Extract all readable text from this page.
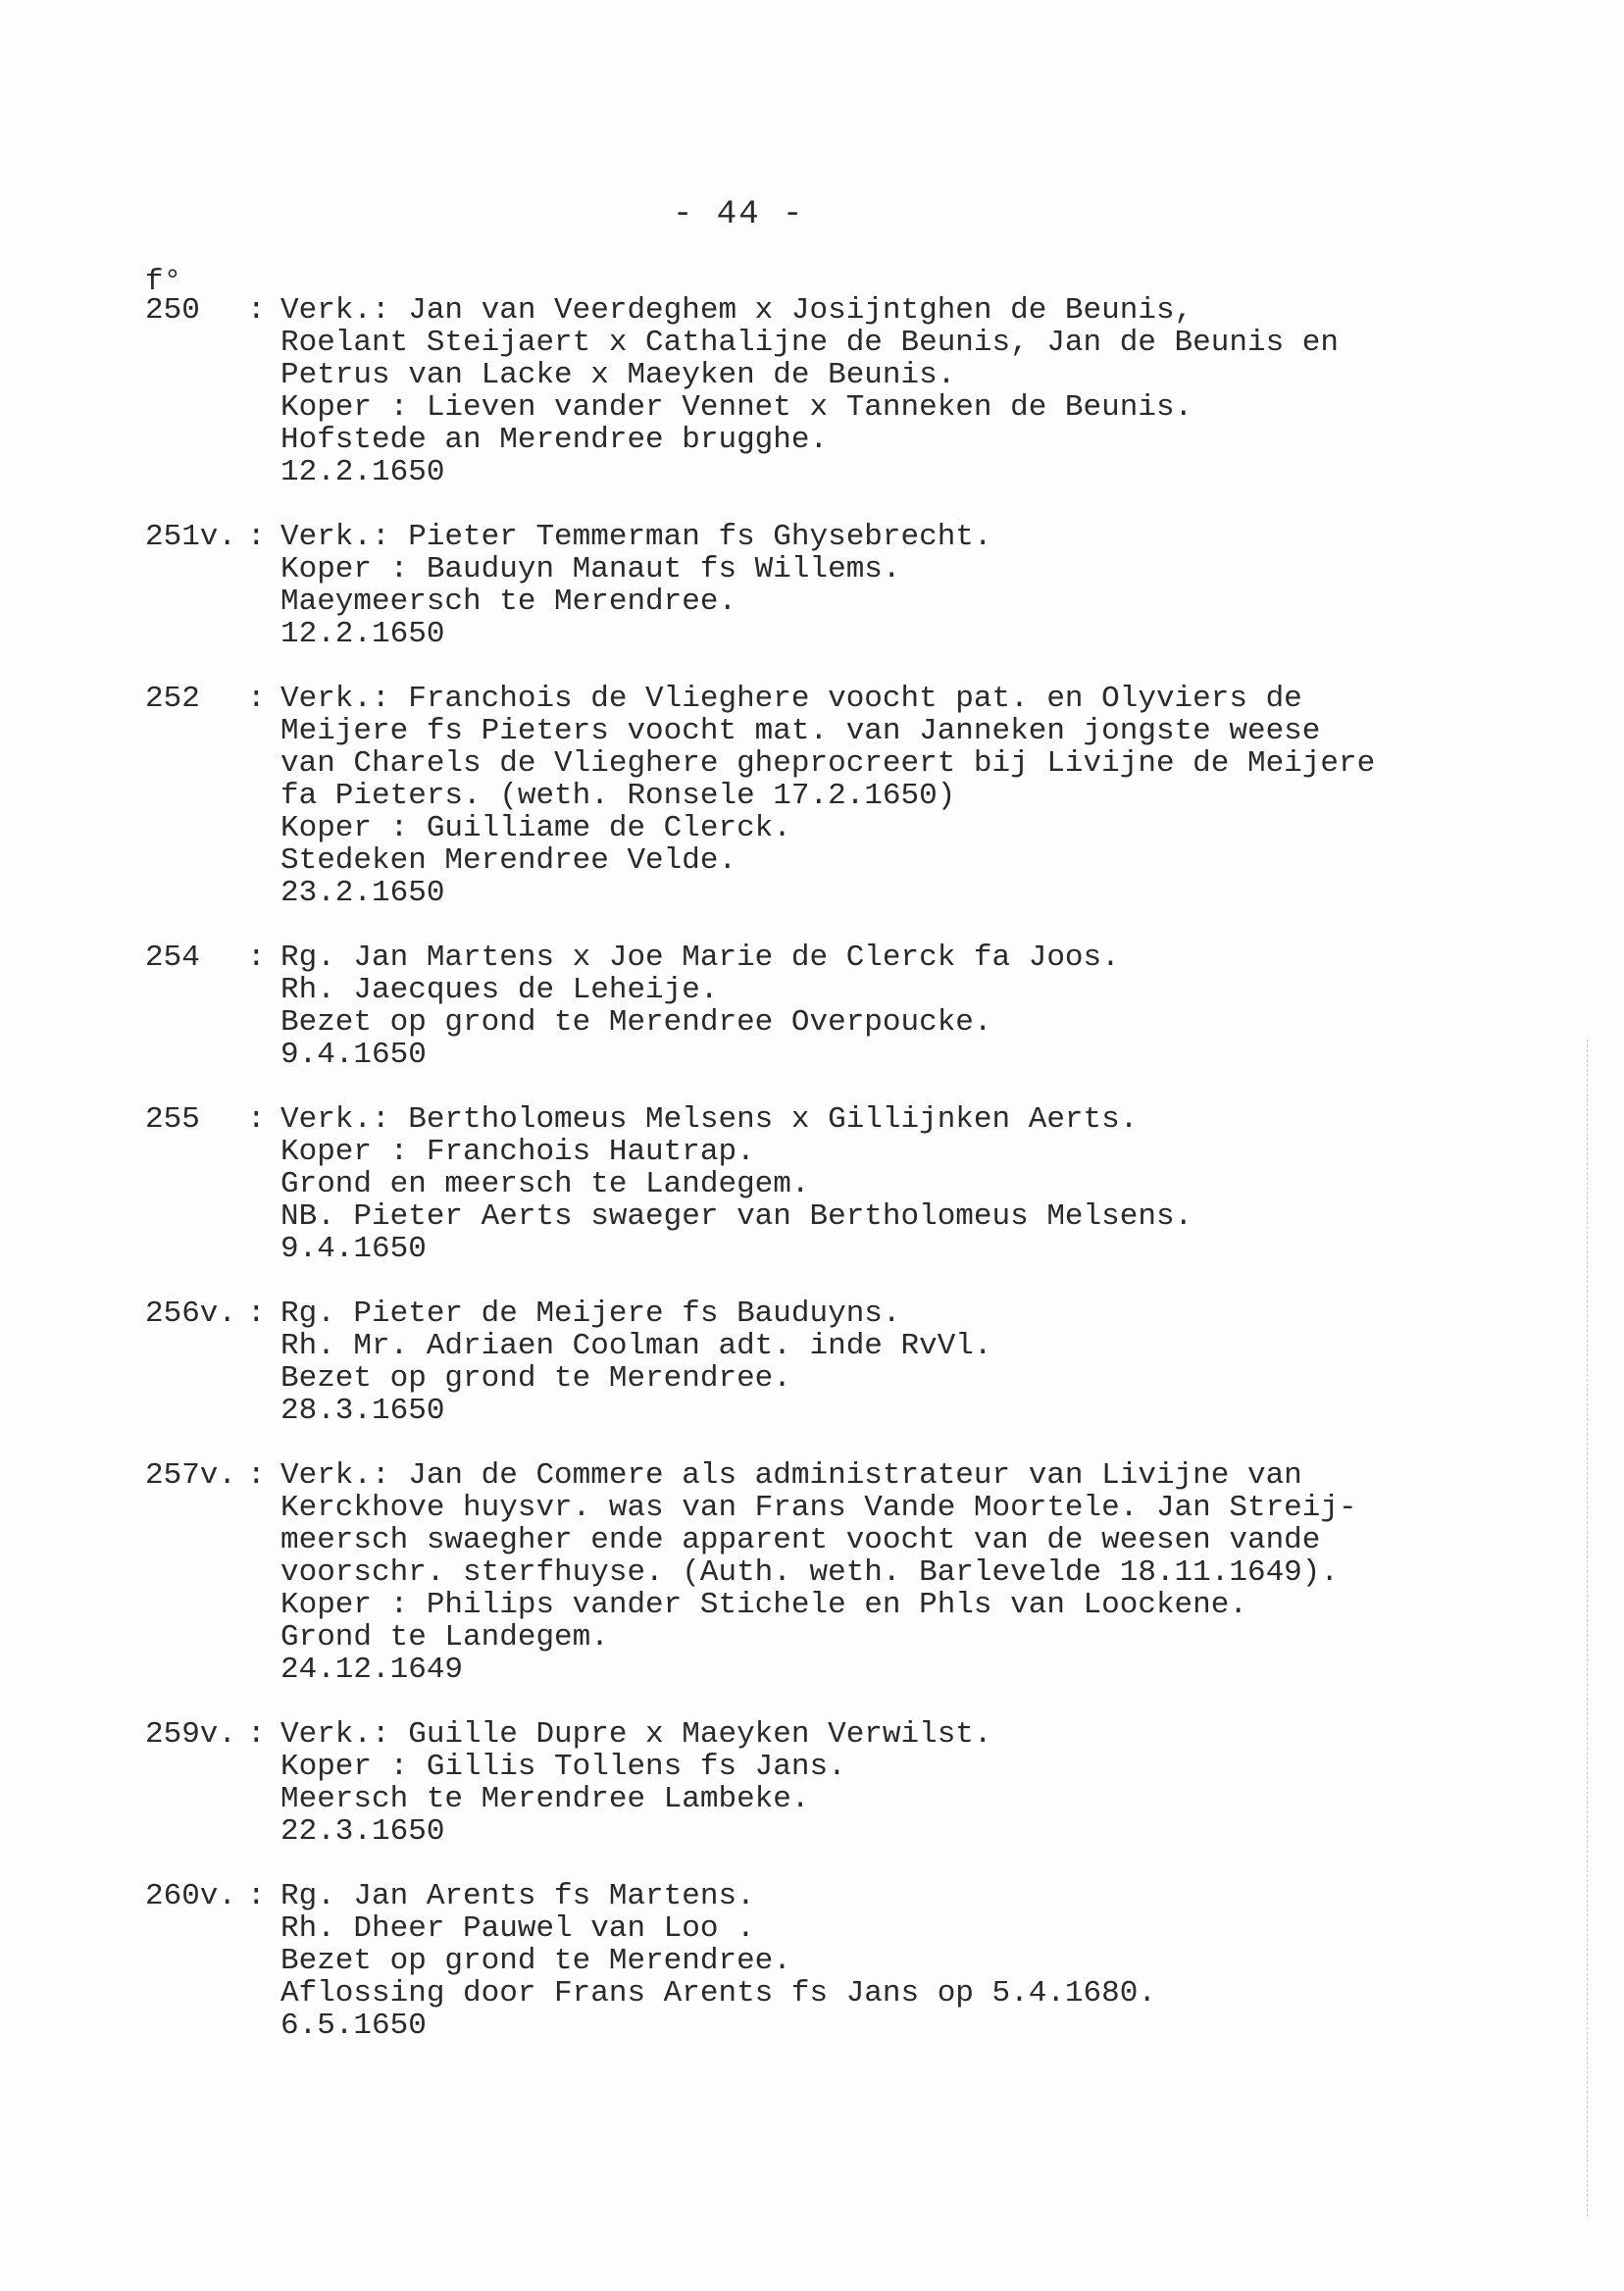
- 44 -
f°
250	: Verk.: Jan van Veerdeghem x Josijntghen de Beunis,
Roelant Steijaert x Cathalijne de Beunis, Jan de Beunis en
Petrus van Lacke x Maeyken de Beunis.
Koper : Lieven vander Vennet x Tanneken de Beunis.
Hofstede an Merendree brugghe.
12.2.1650
251v. : Verk.: Pieter Temmerman fs Ghysebrecht.
Koper : Bauduyn Manaut fs Willems.
Maeymeersch te Merendree.
12.2.1650
252	: Verk.: Franchois de Vlieghere voocht pat. en Olyviers de
Meijere fs Pieters voocht mat. van Janneken jongste weese
van Charels de Vlieghere gheprocreert bij Livijne de Meijere
fa Pieters. (weth. Ronsele 17.2.1650)
Koper : Guilliame de Clerck.
Stedeken Merendree Velde.
23.2.1650
254	: Rg. Jan Martens x Joe Marie de Clerck fa Joos.
Rh. Jaecques de Leheije.
Bezet op grond te Merendree Overpoucke.
9.4.1650
255	: Verk.: Bertholomeus Melsens x Gillijnken Aerts.
Koper : Franchois Hautrap.
Grond en meersch te Landegem.
NB. Pieter Aerts swaeger van Bertholomeus Melsens.
9.4.1650
256v. : Rg. Pieter de Meijere fs Bauduyns.
Rh. Mr. Adriaen Coolman adt. inde RvVl.
Bezet op grond te Merendree.
28.3.1650
257v. : Verk.: Jan de Commere als administrateur van Livijne van
Kerckhove huysvr. was van Frans Vande Moortele. Jan Streij-
meersch swaegher ende apparent voocht van de weesen vande
voorschr. sterfhuyse. (Auth. weth. Barlevelde 18.11.1649).
Koper : Philips vander Stichele en Phls van Loockene.
Grond te Landegem.
24.12.1649
259v. : Verk.: Guille Dupre x Maeyken Verwilst.
Koper : Gillis Tollens fs Jans.
Meersch te Merendree Lambeke.
22.3.1650
260v. : Rg. Jan Arents fs Martens.
Rh. Dheer Pauwel van Loo .
Bezet op grond te Merendree.
Aflossing door Frans Arents fs Jans op 5.4.1680.
6.5.1650
